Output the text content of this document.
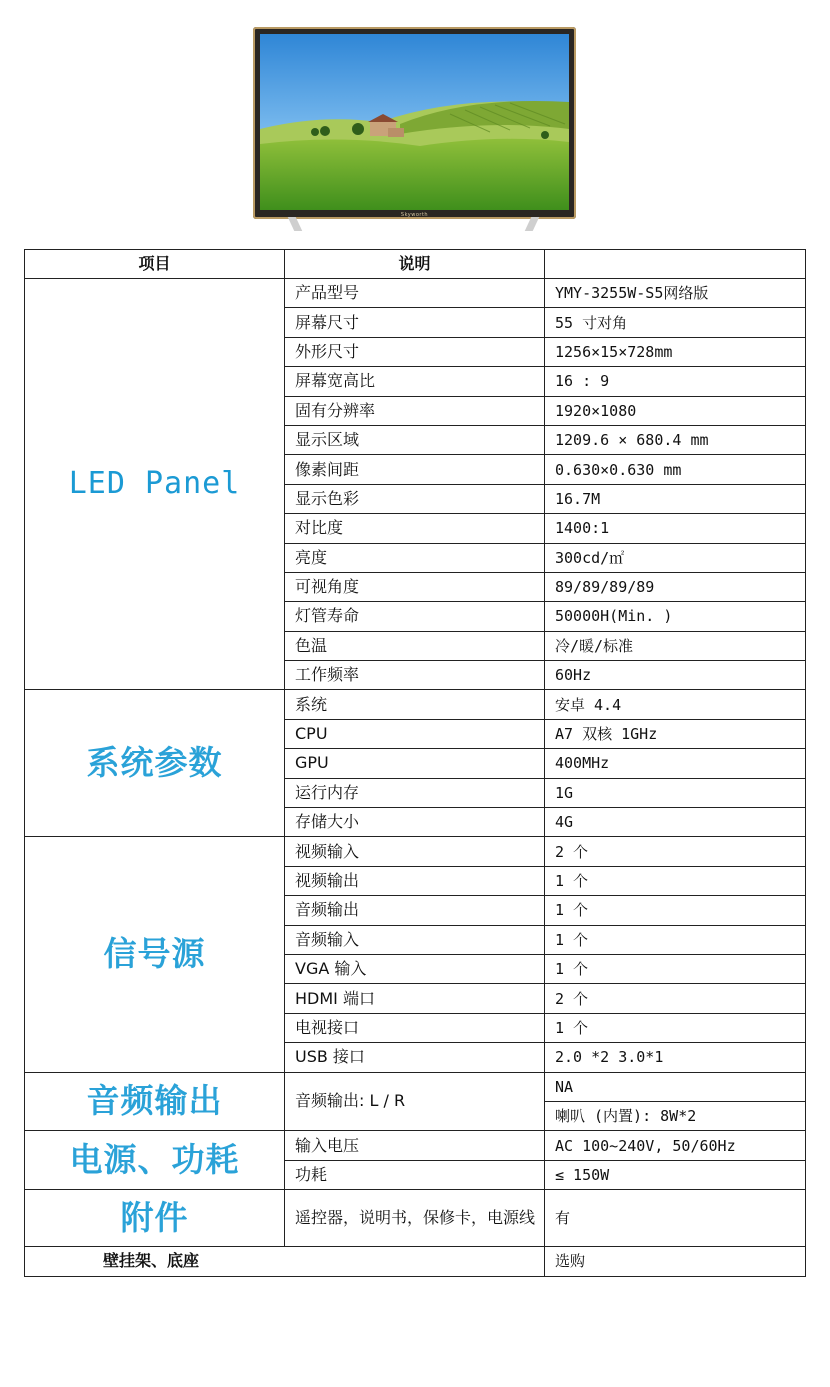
Skyworth
项目	说明	
LED Panel	产品型号	YMY-3255W-S5网络版
	屏幕尺寸	55 寸对角
	外形尺寸	1256×15×728mm
	屏幕宽高比	16 : 9
	固有分辨率	1920×1080
	显示区域	1209.6 × 680.4 mm
	像素间距	0.630×0.630 mm
	显示色彩	16.7M
	对比度	1400:1
	亮度	300cd/㎡
	可视角度	89/89/89/89
	灯管寿命	50000H(Min. )
	色温	冷/暖/标准
	工作频率	60Hz
系统参数	系统	安卓 4.4
	CPU	A7 双核 1GHz
	GPU	400MHz
	运行内存	1G
	存储大小	4G
信号源	视频输入	2 个
	视频输出	1 个
	音频输出	1 个
	音频输入	1 个
	VGA 输入	1 个
	HDMI 端口	2 个
	电视接口	1 个
	USB 接口	2.0 *2 3.0*1
音频输出	音频输出: L / R	NA
		喇叭 (内置): 8W*2
电源、功耗	输入电压	AC 100~240V, 50/60Hz
	功耗	≤ 150W
附件	遥控器，说明书，保修卡，电源线	有
壁挂架、底座		选购
